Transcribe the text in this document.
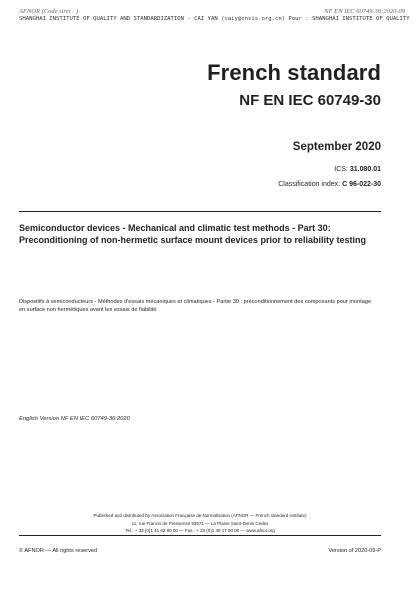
AFNOR (Code siret : )	NF EN IEC 60749-30:2020-09
SHANGHAI INSTITUTE OF QUALITY AND STANDARDIZATION - CAI YAN (caiy@cnsis.org.cn) Pour : SHANGHAI INSTITUTE OF QUALITY
French standard
NF EN IEC 60749-30
September 2020
ICS: 31.080.01
Classification index: C 96-022-30
Semiconductor devices - Mechanical and climatic test methods - Part 30: Preconditioning of non-hermetic surface mount devices prior to reliability testing
Dispositifs à semiconducteurs - Méthodes d'essais mécaniques et climatiques - Partie 30 : préconditionnement des composants pour montage en surface non hermétiques avant les essais de fiabilité
English Version NF EN IEC 60749-30:2020
Published and distributed by Association Française de Normalisation (AFNOR — French standard institute)
11, rue Francis de Pressensé 93571 — La Plaine Saint-Denis Cedex
Tel.: + 33 (0)1 41 62 80 00 — Fax.: + 33 (0)1 49 17 90 00 — www.afnor.org
© AFNOR — All rights reserved	Version of 2020-09-P
